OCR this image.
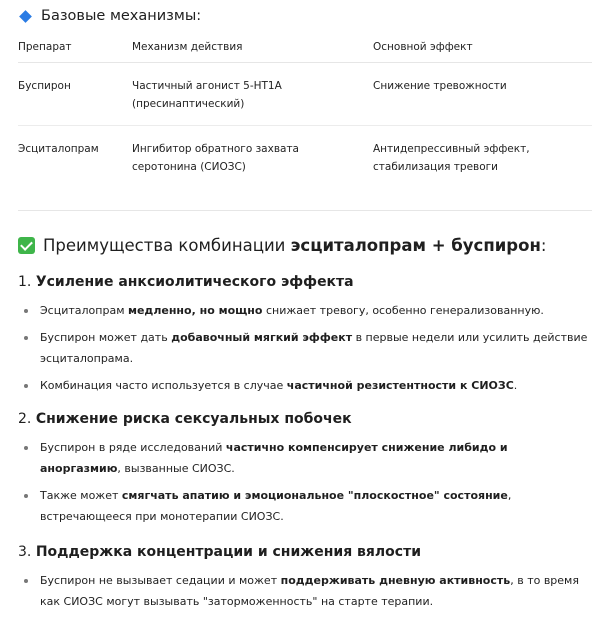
Базовые механизмы:
Препарат	Механизм действия	Основной эффект
Буспирон	Частичный агонист 5-HT1A (пресинаптический)	Снижение тревожности
Эсциталопрам	Ингибитор обратного захвата серотонина (СИОЗС)	Антидепрессивный эффект, стабилизация тревоги
Преимущества комбинации эсциталопрам + буспирон:
1. Усиление анксиолитического эффекта
Эсциталопрам медленно, но мощно снижает тревогу, особенно генерализованную.
Буспирон может дать добавочный мягкий эффект в первые недели или усилить действие эсциталопрама.
Комбинация часто используется в случае частичной резистентности к СИОЗС.
2. Снижение риска сексуальных побочек
Буспирон в ряде исследований частично компенсирует снижение либидо и аноргазмию, вызванные СИОЗС.
Также может смягчать апатию и эмоциональное "плоскостное" состояние, встречающееся при монотерапии СИОЗС.
3. Поддержка концентрации и снижения вялости
Буспирон не вызывает седации и может поддерживать дневную активность, в то время как СИОЗС могут вызывать "заторможенность" на старте терапии.
